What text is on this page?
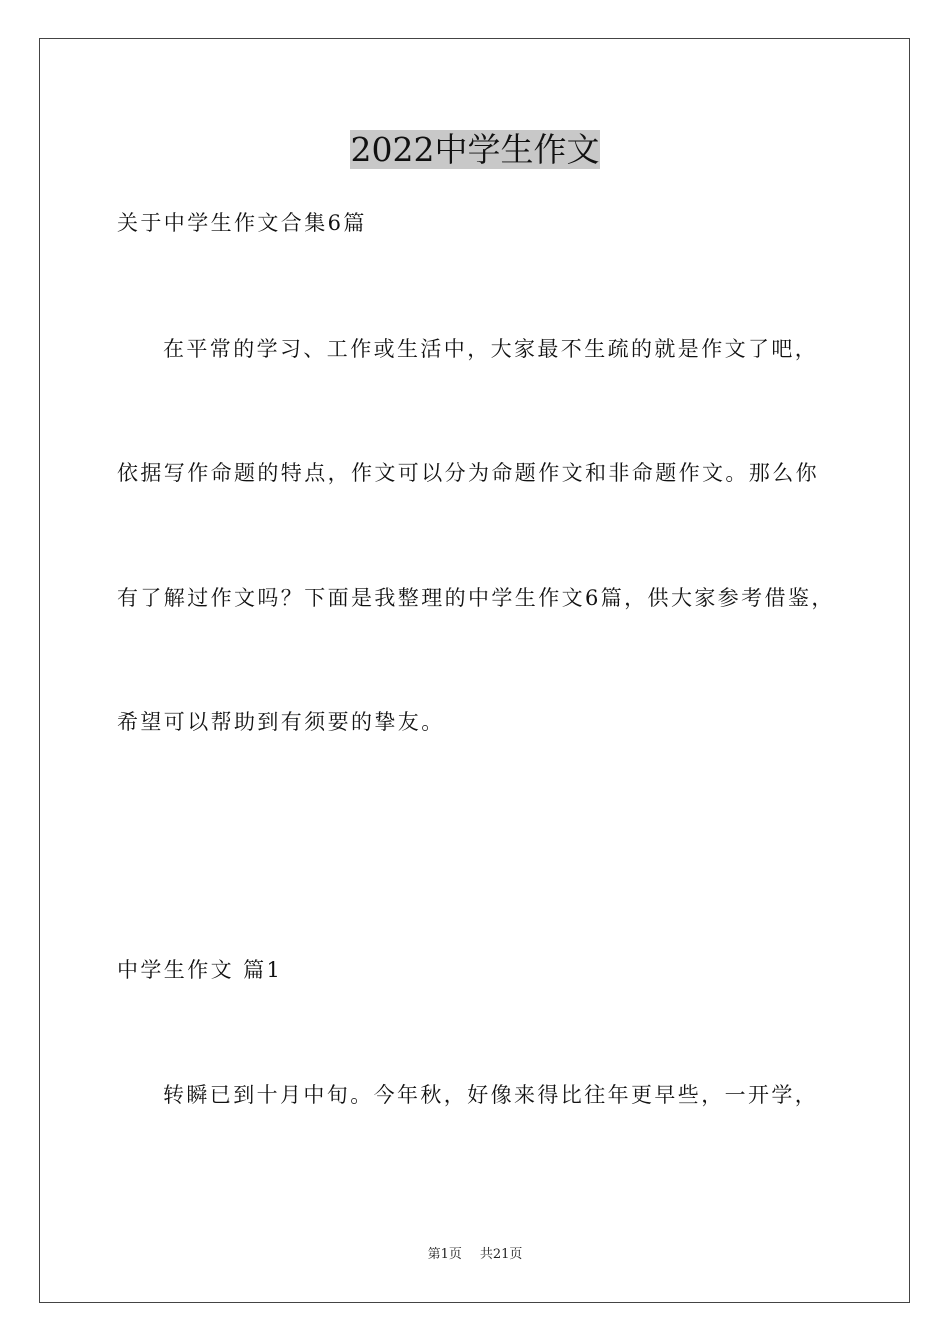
2022中学生作文
关于中学生作文合集6篇
在平常的学习、工作或生活中，大家最不生疏的就是作文了吧，
依据写作命题的特点，作文可以分为命题作文和非命题作文。那么你
有了解过作文吗？下面是我整理的中学生作文6篇，供大家参考借鉴，
希望可以帮助到有须要的挚友。
中学生作文 篇1
转瞬已到十月中旬。今年秋，好像来得比往年更早些，一开学，
第1页 共21页
